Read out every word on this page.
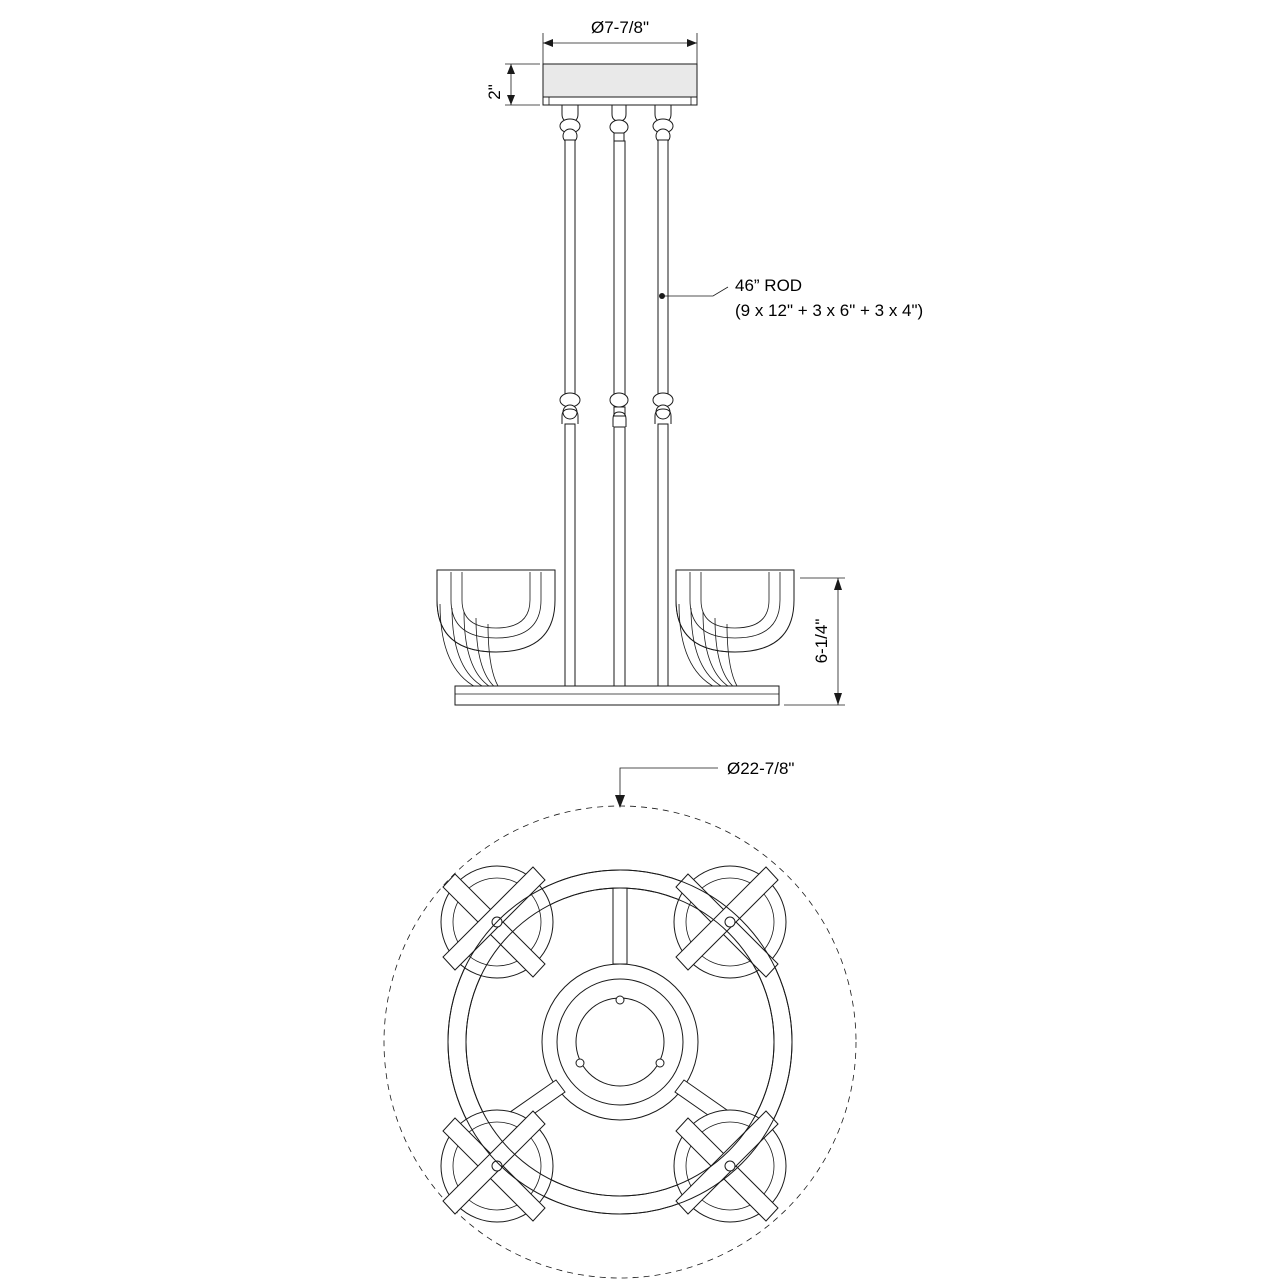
Ø7-7/8"
2"
46” ROD
(9 x 12" + 3 x 6" + 3 x 4")
6-1/4"
Ø22-7/8"
